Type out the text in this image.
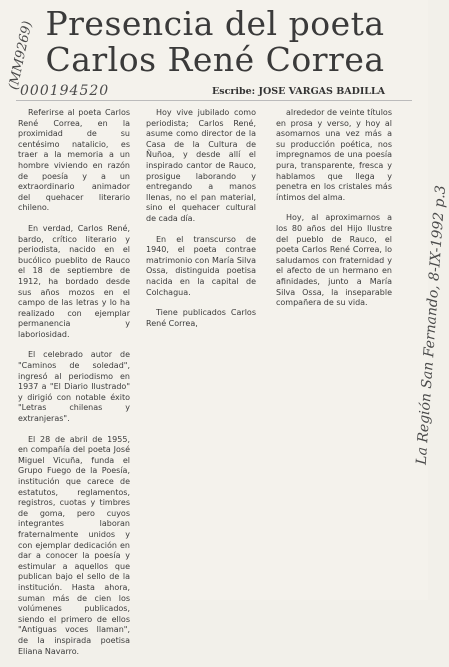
Presencia del poeta
Carlos René Correa
Escribe: JOSE VARGAS BADILLA

Referirse al poeta Carlos René Correa, en la proximidad de su centésimo natalicio, es traer a la memoria a un hombre viviendo en razón de poesía y a un extraordinario animador del quehacer literario chileno.

En verdad, Carlos René, bardo, crítico literario y periodista, nacido en el bucólico pueblito de Rauco el 18 de septiembre de 1912, ha bordado desde sus años mozos en el campo de las letras y lo ha realizado con ejemplar permanencia y laboriosidad.

El celebrado autor de "Caminos de soledad", ingresó al periodismo en 1937 a "El Diario Ilustrado" y dirigió con notable éxito "Letras chilenas y extranjeras".

El 28 de abril de 1955, en compañía del poeta José Miguel Vicuña, funda el Grupo Fuego de la Poesía, institución que carece de estatutos, reglamentos, registros, cuotas y timbres de goma, pero cuyos integrantes laboran fraternalmente unidos y con ejemplar dedicación en dar a conocer la poesía y estimular a aquellos que publican bajo el sello de la institución. Hasta ahora, suman más de cien los volúmenes publicados, siendo el primero de ellos "Antiguas voces llaman", de la inspirada poetisa Eliana Navarro.

Hoy vive jubilado como periodista; Carlos René, asume como director de la Casa de la Cultura de Ñuñoa, y desde allí el inspirado cantor de Rauco, prosigue laborando y entregando a manos llenas, no el pan material, sino el quehacer cultural de cada día.

En el transcurso de 1940, el poeta contrae matrimonio con María Silva Ossa, distinguida poetisa nacida en la capital de Colchagua.

Tiene publicados Carlos René Correa,

alrededor de veinte títulos en prosa y verso, y hoy al asomarnos una vez más a su producción poética, nos impregnamos de una poesía pura, transparente, fresca y hablamos que llega y penetra en los cristales más íntimos del alma.

Hoy, al aproximarnos a los 80 años del Hijo Ilustre del pueblo de Rauco, el poeta Carlos René Correa, lo saludamos con fraternidad y el afecto de un hermano en afinidades, junto a María Silva Ossa, la inseparable compañera de su vida.

(MM9269)
000194520
La Región San Fernando, 8-IX-1992 p.3
